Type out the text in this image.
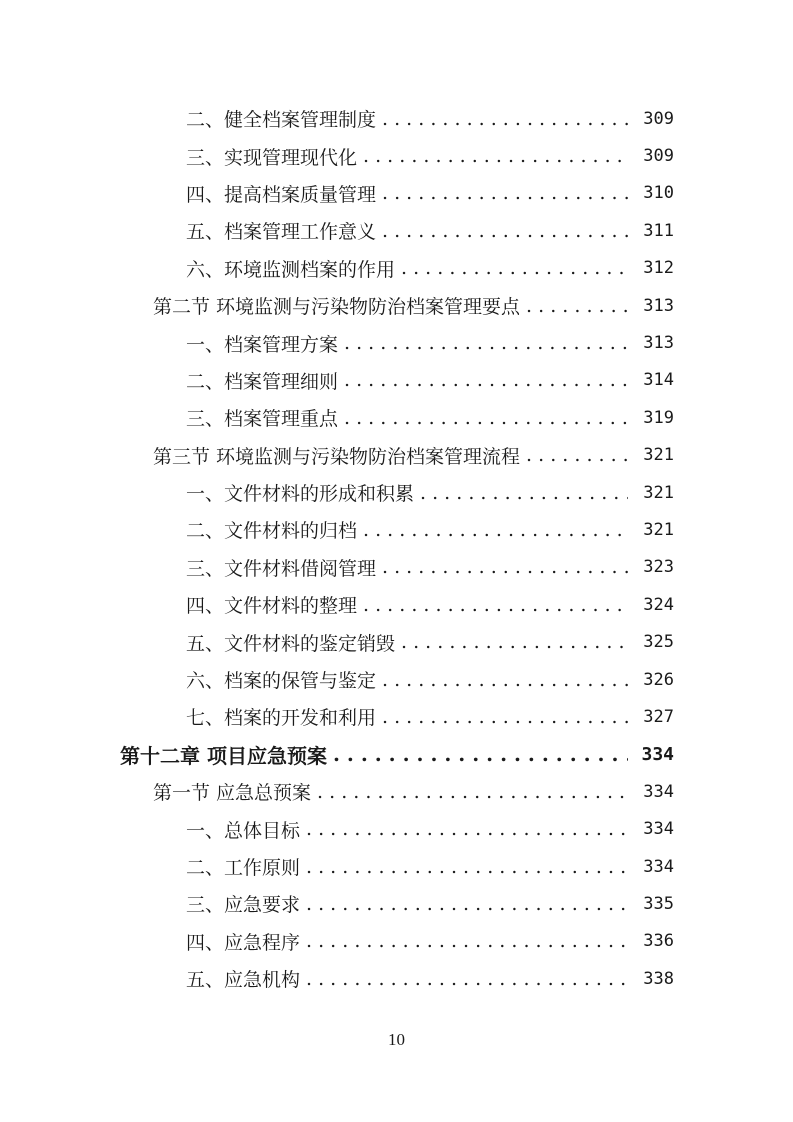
二、健全档案管理制度 . . .	309
三、实现管理现代化 . . .	309
四、提高档案质量管理 . . .	310
五、档案管理工作意义 . . .	311
六、环境监测档案的作用 . . .	312
第二节 环境监测与污染物防治档案管理要点 . . .	313
一、档案管理方案 . . .	313
二、档案管理细则 . . .	314
三、档案管理重点 . . .	319
第三节 环境监测与污染物防治档案管理流程 . . .	321
一、文件材料的形成和积累 . . .	321
二、文件材料的归档 . . .	321
三、文件材料借阅管理 . . .	323
四、文件材料的整理 . . .	324
五、文件材料的鉴定销毁 . . .	325
六、档案的保管与鉴定 . . .	326
七、档案的开发和利用 . . .	327
第十二章 项目应急预案 . . .	334
第一节 应急总预案 . . .	334
一、总体目标 . . .	334
二、工作原则 . . .	334
三、应急要求 . . .	335
四、应急程序 . . .	336
五、应急机构 . . .	338
10
